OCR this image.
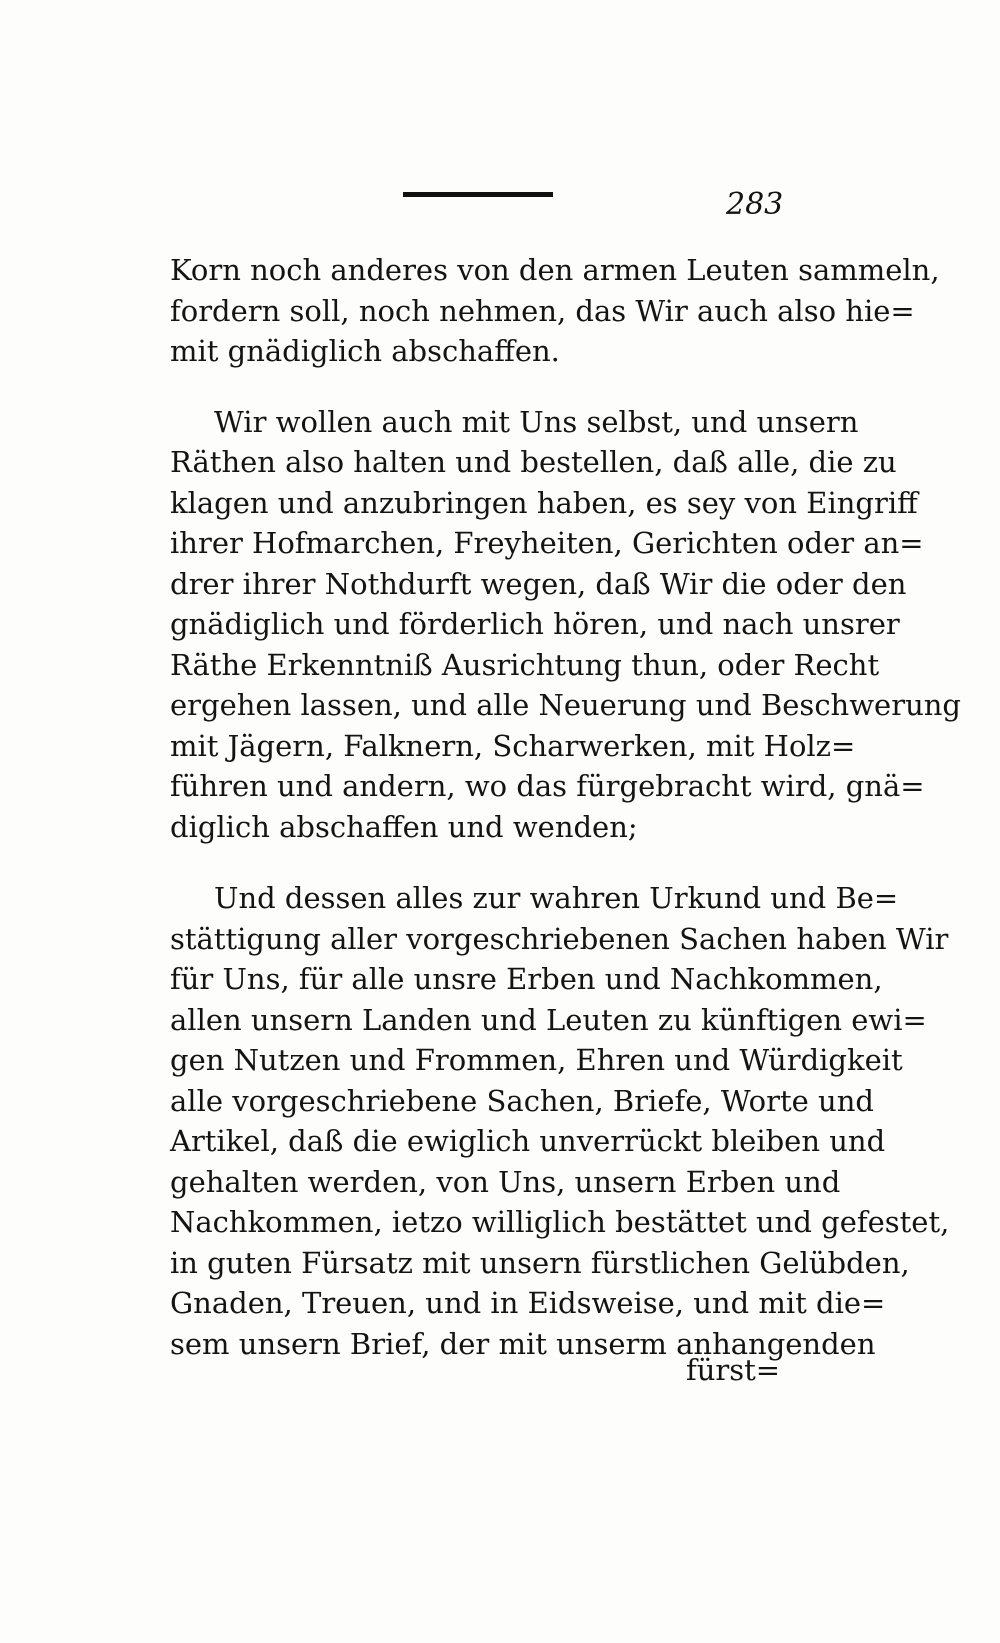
283
Korn noch anderes von den armen Leuten sammeln,
fordern soll, noch nehmen, das Wir auch also hie=
mit gnädiglich abschaffen.
Wir wollen auch mit Uns selbst, und unsern
Räthen also halten und bestellen, daß alle, die zu
klagen und anzubringen haben, es sey von Eingriff
ihrer Hofmarchen, Freyheiten, Gerichten oder an=
drer ihrer Nothdurft wegen, daß Wir die oder den
gnädiglich und förderlich hören, und nach unsrer
Räthe Erkenntniß Ausrichtung thun, oder Recht
ergehen lassen, und alle Neuerung und Beschwerung
mit Jägern, Falknern, Scharwerken, mit Holz=
führen und andern, wo das fürgebracht wird, gnä=
diglich abschaffen und wenden;
Und dessen alles zur wahren Urkund und Be=
stättigung aller vorgeschriebenen Sachen haben Wir
für Uns, für alle unsre Erben und Nachkommen,
allen unsern Landen und Leuten zu künftigen ewi=
gen Nutzen und Frommen, Ehren und Würdigkeit
alle vorgeschriebene Sachen, Briefe, Worte und
Artikel, daß die ewiglich unverrückt bleiben und
gehalten werden, von Uns, unsern Erben und
Nachkommen, ietzo williglich bestättet und gefestet,
in guten Fürsatz mit unsern fürstlichen Gelübden,
Gnaden, Treuen, und in Eidsweise, und mit die=
sem unsern Brief, der mit unserm anhangenden
fürst=
